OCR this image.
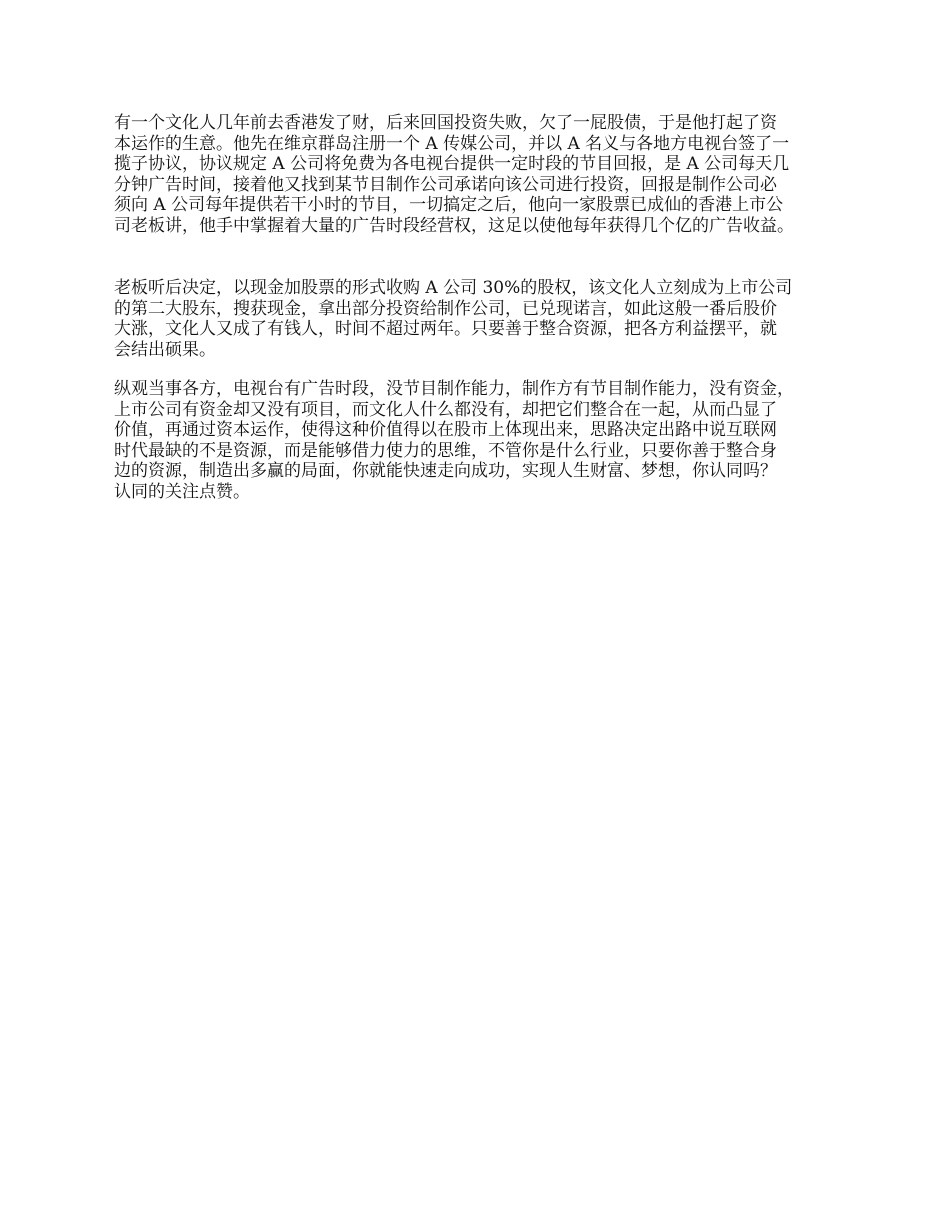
有一个文化人几年前去香港发了财，后来回国投资失败，欠了一屁股债，于是他打起了资
本运作的生意。他先在维京群岛注册一个 A 传媒公司，并以 A 名义与各地方电视台签了一
揽子协议，协议规定 A 公司将免费为各电视台提供一定时段的节目回报，是 A 公司每天几
分钟广告时间，接着他又找到某节目制作公司承诺向该公司进行投资，回报是制作公司必
须向 A 公司每年提供若干小时的节目，一切搞定之后，他向一家股票已成仙的香港上市公
司老板讲，他手中掌握着大量的广告时段经营权，这足以使他每年获得几个亿的广告收益。

老板听后决定，以现金加股票的形式收购 A 公司 30%的股权，该文化人立刻成为上市公司
的第二大股东，搜获现金，拿出部分投资给制作公司，已兑现诺言，如此这般一番后股价
大涨，文化人又成了有钱人，时间不超过两年。只要善于整合资源，把各方利益摆平，就
会结出硕果。

纵观当事各方，电视台有广告时段，没节目制作能力，制作方有节目制作能力，没有资金，
上市公司有资金却又没有项目，而文化人什么都没有，却把它们整合在一起，从而凸显了
价值，再通过资本运作，使得这种价值得以在股市上体现出来，思路决定出路中说互联网
时代最缺的不是资源，而是能够借力使力的思维，不管你是什么行业，只要你善于整合身
边的资源，制造出多赢的局面，你就能快速走向成功，实现人生财富、梦想，你认同吗？
认同的关注点赞。
